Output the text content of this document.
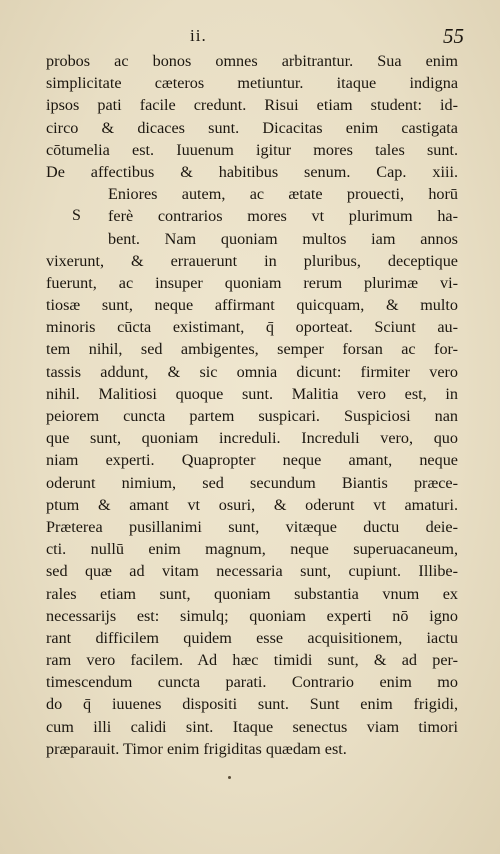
ii.	55
probos ac bonos omnes arbitrantur. Sua enim
simplicitate cæteros metiuntur. itaque indigna
ipsos pati facile credunt. Risui etiam student: id-
circo & dicaces sunt. Dicacitas enim castigata
cōtumelia est. Iuuenum igitur mores tales sunt.
De affectibus & habitibus senum. Cap. xiii.
Eniores autem, ac ætate prouecti, horū
S ferè contrarios mores vt plurimum ha-
bent. Nam quoniam multos iam annos
vixerunt, & errauerunt in pluribus, deceptique
fuerunt, ac insuper quoniam rerum plurimæ vi-
tiosæ sunt, neque affirmant quicquam, & multo
minoris cūcta existimant, q̄ oporteat. Sciunt au-
tem nihil, sed ambigentes, semper forsan ac for-
tassis addunt, & sic omnia dicunt: firmiter vero
nihil. Malitiosi quoque sunt. Malitia vero est, in
peiorem cuncta partem suspicari. Suspiciosi nan
que sunt, quoniam increduli. Increduli vero, quo
niam experti. Quapropter neque amant, neque
oderunt nimium, sed secundum Biantis præce-
ptum & amant vt osuri, & oderunt vt amaturi.
Præterea pusillanimi sunt, vitæque ductu deie-
cti. nullū enim magnum, neque superuacaneum,
sed quæ ad vitam necessaria sunt, cupiunt. Illibe-
rales etiam sunt, quoniam substantia vnum ex
necessarijs est: simulq; quoniam experti nō igno
rant difficilem quidem esse acquisitionem, iactu
ram vero facilem. Ad hæc timidi sunt, & ad per-
timescendum cuncta parati. Contrario enim mo
do q̄ iuuenes dispositi sunt. Sunt enim frigidi,
cum illi calidi sint. Itaque senectus viam timori
præparauit. Timor enim frigiditas quædam est.
